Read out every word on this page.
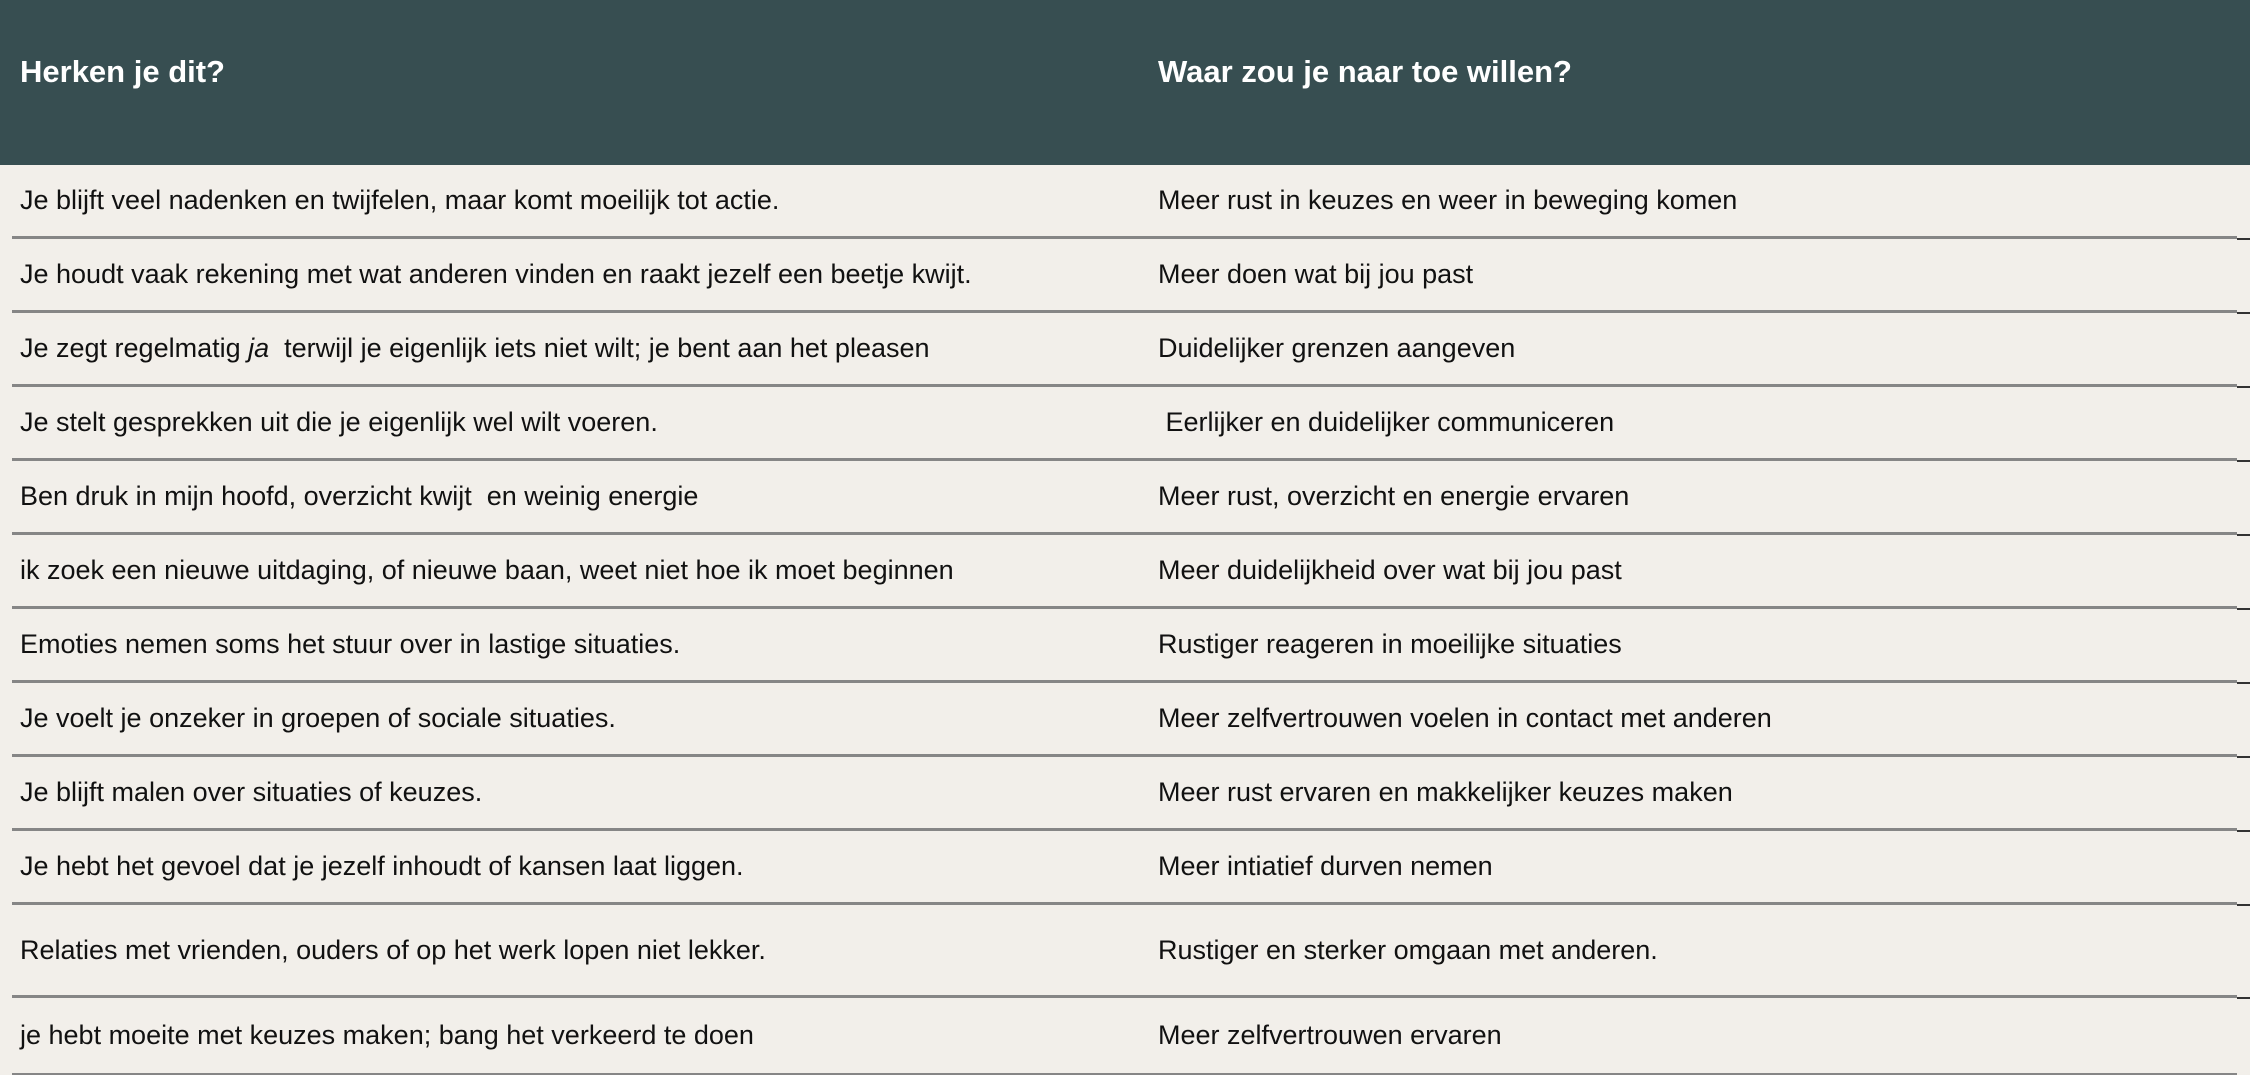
Herken je dit?	Waar zou je naar toe willen?
Je blijft veel nadenken en twijfelen, maar komt moeilijk tot actie.	Meer rust in keuzes en weer in beweging komen
Je houdt vaak rekening met wat anderen vinden en raakt jezelf een beetje kwijt.	Meer doen wat bij jou past
Je zegt regelmatig ja terwijl je eigenlijk iets niet wilt; je bent aan het pleasen	Duidelijker grenzen aangeven
Je stelt gesprekken uit die je eigenlijk wel wilt voeren.	Eerlijker en duidelijker communiceren
Ben druk in mijn hoofd, overzicht kwijt  en weinig energie	Meer rust, overzicht en energie ervaren
ik zoek een nieuwe uitdaging, of nieuwe baan, weet niet hoe ik moet beginnen	Meer duidelijkheid over wat bij jou past
Emoties nemen soms het stuur over in lastige situaties.	Rustiger reageren in moeilijke situaties
Je voelt je onzeker in groepen of sociale situaties.	Meer zelfvertrouwen voelen in contact met anderen
Je blijft malen over situaties of keuzes.	Meer rust ervaren en makkelijker keuzes maken
Je hebt het gevoel dat je jezelf inhoudt of kansen laat liggen.	Meer intiatief durven nemen
Relaties met vrienden, ouders of op het werk lopen niet lekker.	Rustiger en sterker omgaan met anderen.
je hebt moeite met keuzes maken; bang het verkeerd te doen	Meer zelfvertrouwen ervaren
